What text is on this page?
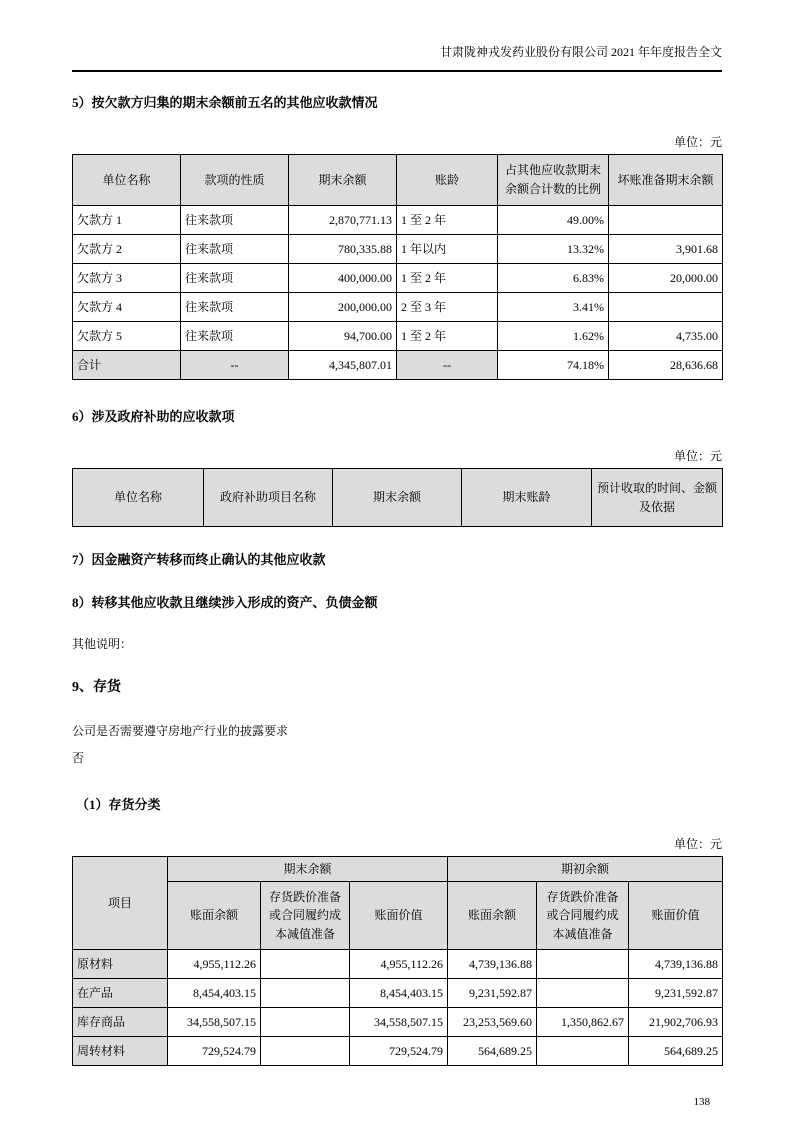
甘肃陇神戎发药业股份有限公司 2021 年年度报告全文

5）按欠款方归集的期末余额前五名的其他应收款情况

单位：元
单位名称	款项的性质	期末余额	账龄	占其他应收款期末余额合计数的比例	坏账准备期末余额
欠款方 1	往来款项	2,870,771.13	1 至 2 年	49.00%	
欠款方 2	往来款项	780,335.88	1 年以内	13.32%	3,901.68
欠款方 3	往来款项	400,000.00	1 至 2 年	6.83%	20,000.00
欠款方 4	往来款项	200,000.00	2 至 3 年	3.41%	
欠款方 5	往来款项	94,700.00	1 至 2 年	1.62%	4,735.00
合计	--	4,345,807.01	--	74.18%	28,636.68

6）涉及政府补助的应收款项

单位：元
单位名称	政府补助项目名称	期末余额	期末账龄	预计收取的时间、金额及依据

7）因金融资产转移而终止确认的其他应收款

8）转移其他应收款且继续涉入形成的资产、负债金额

其他说明：

9、存货

公司是否需要遵守房地产行业的披露要求

否

（1）存货分类

单位：元
项目	期末余额			期初余额		
	账面余额	存货跌价准备或合同履约成本减值准备	账面价值	账面余额	存货跌价准备或合同履约成本减值准备	账面价值
原材料	4,955,112.26		4,955,112.26	4,739,136.88		4,739,136.88
在产品	8,454,403.15		8,454,403.15	9,231,592.87		9,231,592.87
库存商品	34,558,507.15		34,558,507.15	23,253,569.60	1,350,862.67	21,902,706.93
周转材料	729,524.79		729,524.79	564,689.25		564,689.25
138
